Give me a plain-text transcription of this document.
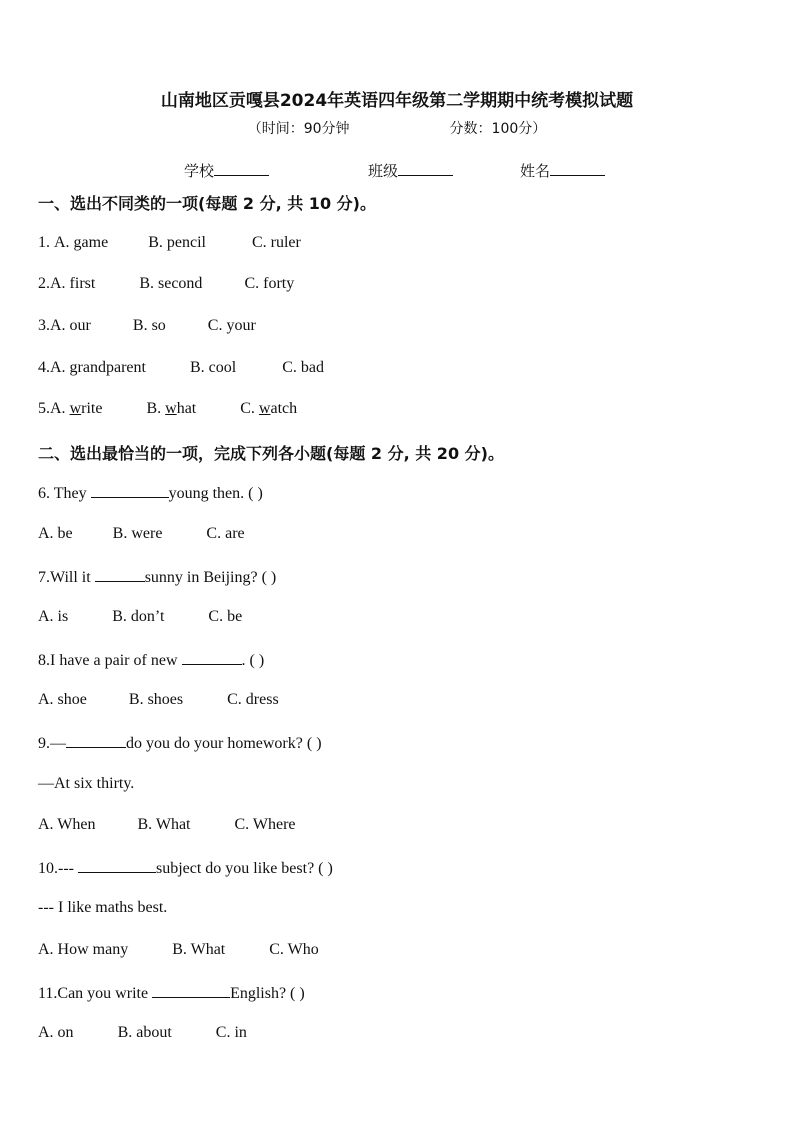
山南地区贡嘎县2024年英语四年级第二学期期中统考模拟试题
（时间：90分钟	分数：100分）
学校	班级	姓名
一、选出不同类的一项(每题 2 分, 共 10 分)。
1. A. game	B. pencil	C. ruler
2.A. first	B. second	C. forty
3.A. our	B. so	C. your
4.A. grandparent	B. cool	C. bad
5.A. write	B. what	C. watch
二、选出最恰当的一项，完成下列各小题(每题 2 分, 共 20 分)。
6. They	young then. ( )
A. be	B. were	C. are
7.Will it	sunny in Beijing? ( )
A. is	B. don’t	C. be
8.I have a pair of new	. ( )
A. shoe	B. shoes	C. dress
9.—	do you do your homework? ( )
—At six thirty.
A. When	B. What	C. Where
10.---	subject do you like best? ( )
--- I like maths best.
A. How many	B. What	C. Who
11.Can you write	English? ( )
A. on	B. about	C. in
